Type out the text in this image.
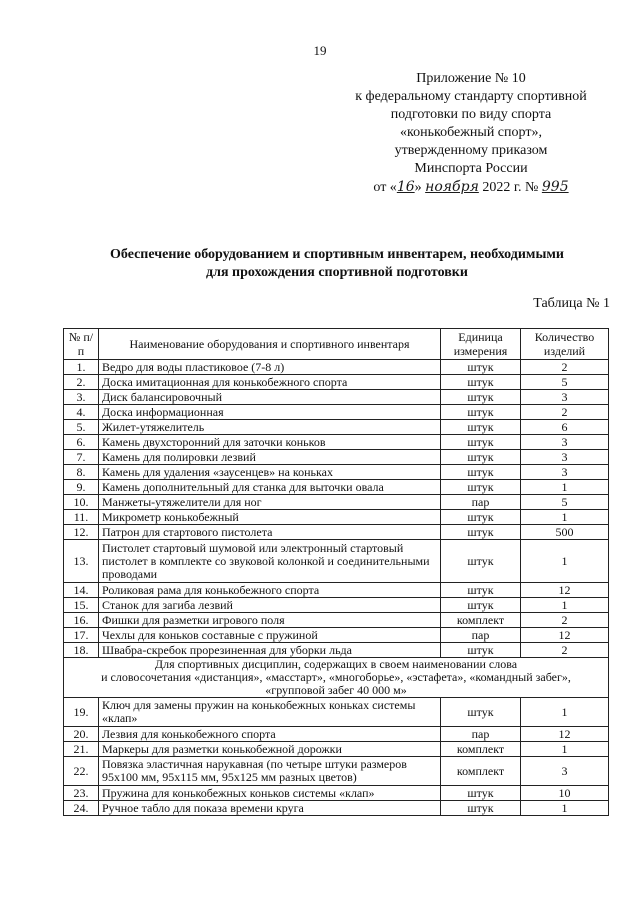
19
Приложение № 10
к федеральному стандарту спортивной
подготовки по виду спорта
«конькобежный спорт»,
утвержденному приказом
Минспорта России
от «16» ноября 2022 г. № 995
Обеспечение оборудованием и спортивным инвентарем, необходимыми
для прохождения спортивной подготовки
Таблица № 1
№ п/п	Наименование оборудования и спортивного инвентаря	Единица измерения	Количество изделий
1.	Ведро для воды пластиковое (7-8 л)	штук	2
2.	Доска имитационная для конькобежного спорта	штук	5
3.	Диск балансировочный	штук	3
4.	Доска информационная	штук	2
5.	Жилет-утяжелитель	штук	6
6.	Камень двухсторонний для заточки коньков	штук	3
7.	Камень для полировки лезвий	штук	3
8.	Камень для удаления «заусенцев» на коньках	штук	3
9.	Камень дополнительный для станка для выточки овала	штук	1
10.	Манжеты-утяжелители для ног	пар	5
11.	Микрометр конькобежный	штук	1
12.	Патрон для стартового пистолета	штук	500
13.	Пистолет стартовый шумовой или электронный стартовый пистолет в комплекте со звуковой колонкой и соединительными проводами	штук	1
14.	Роликовая рама для конькобежного спорта	штук	12
15.	Станок для загиба лезвий	штук	1
16.	Фишки для разметки игрового поля	комплект	2
17.	Чехлы для коньков составные с пружиной	пар	12
18.	Швабра-скребок прорезиненная для уборки льда	штук	2

Для спортивных дисциплин, содержащих в своем наименовании слова
и словосочетания «дистанция», «масстарт», «многоборье», «эстафета», «командный забег»,
«групповой забег 40 000 м»			

19.	Ключ для замены пружин на конькобежных коньках системы «клап»	штук	1
20.	Лезвия для конькобежного спорта	пар	12
21.	Маркеры для разметки конькобежной дорожки	комплект	1
22.	Повязка эластичная нарукавная (по четыре штуки размеров 95x100 мм, 95x115 мм, 95x125 мм разных цветов)	комплект	3
23.	Пружина для конькобежных коньков системы «клап»	штук	10
24.	Ручное табло для показа времени круга	штук	1
